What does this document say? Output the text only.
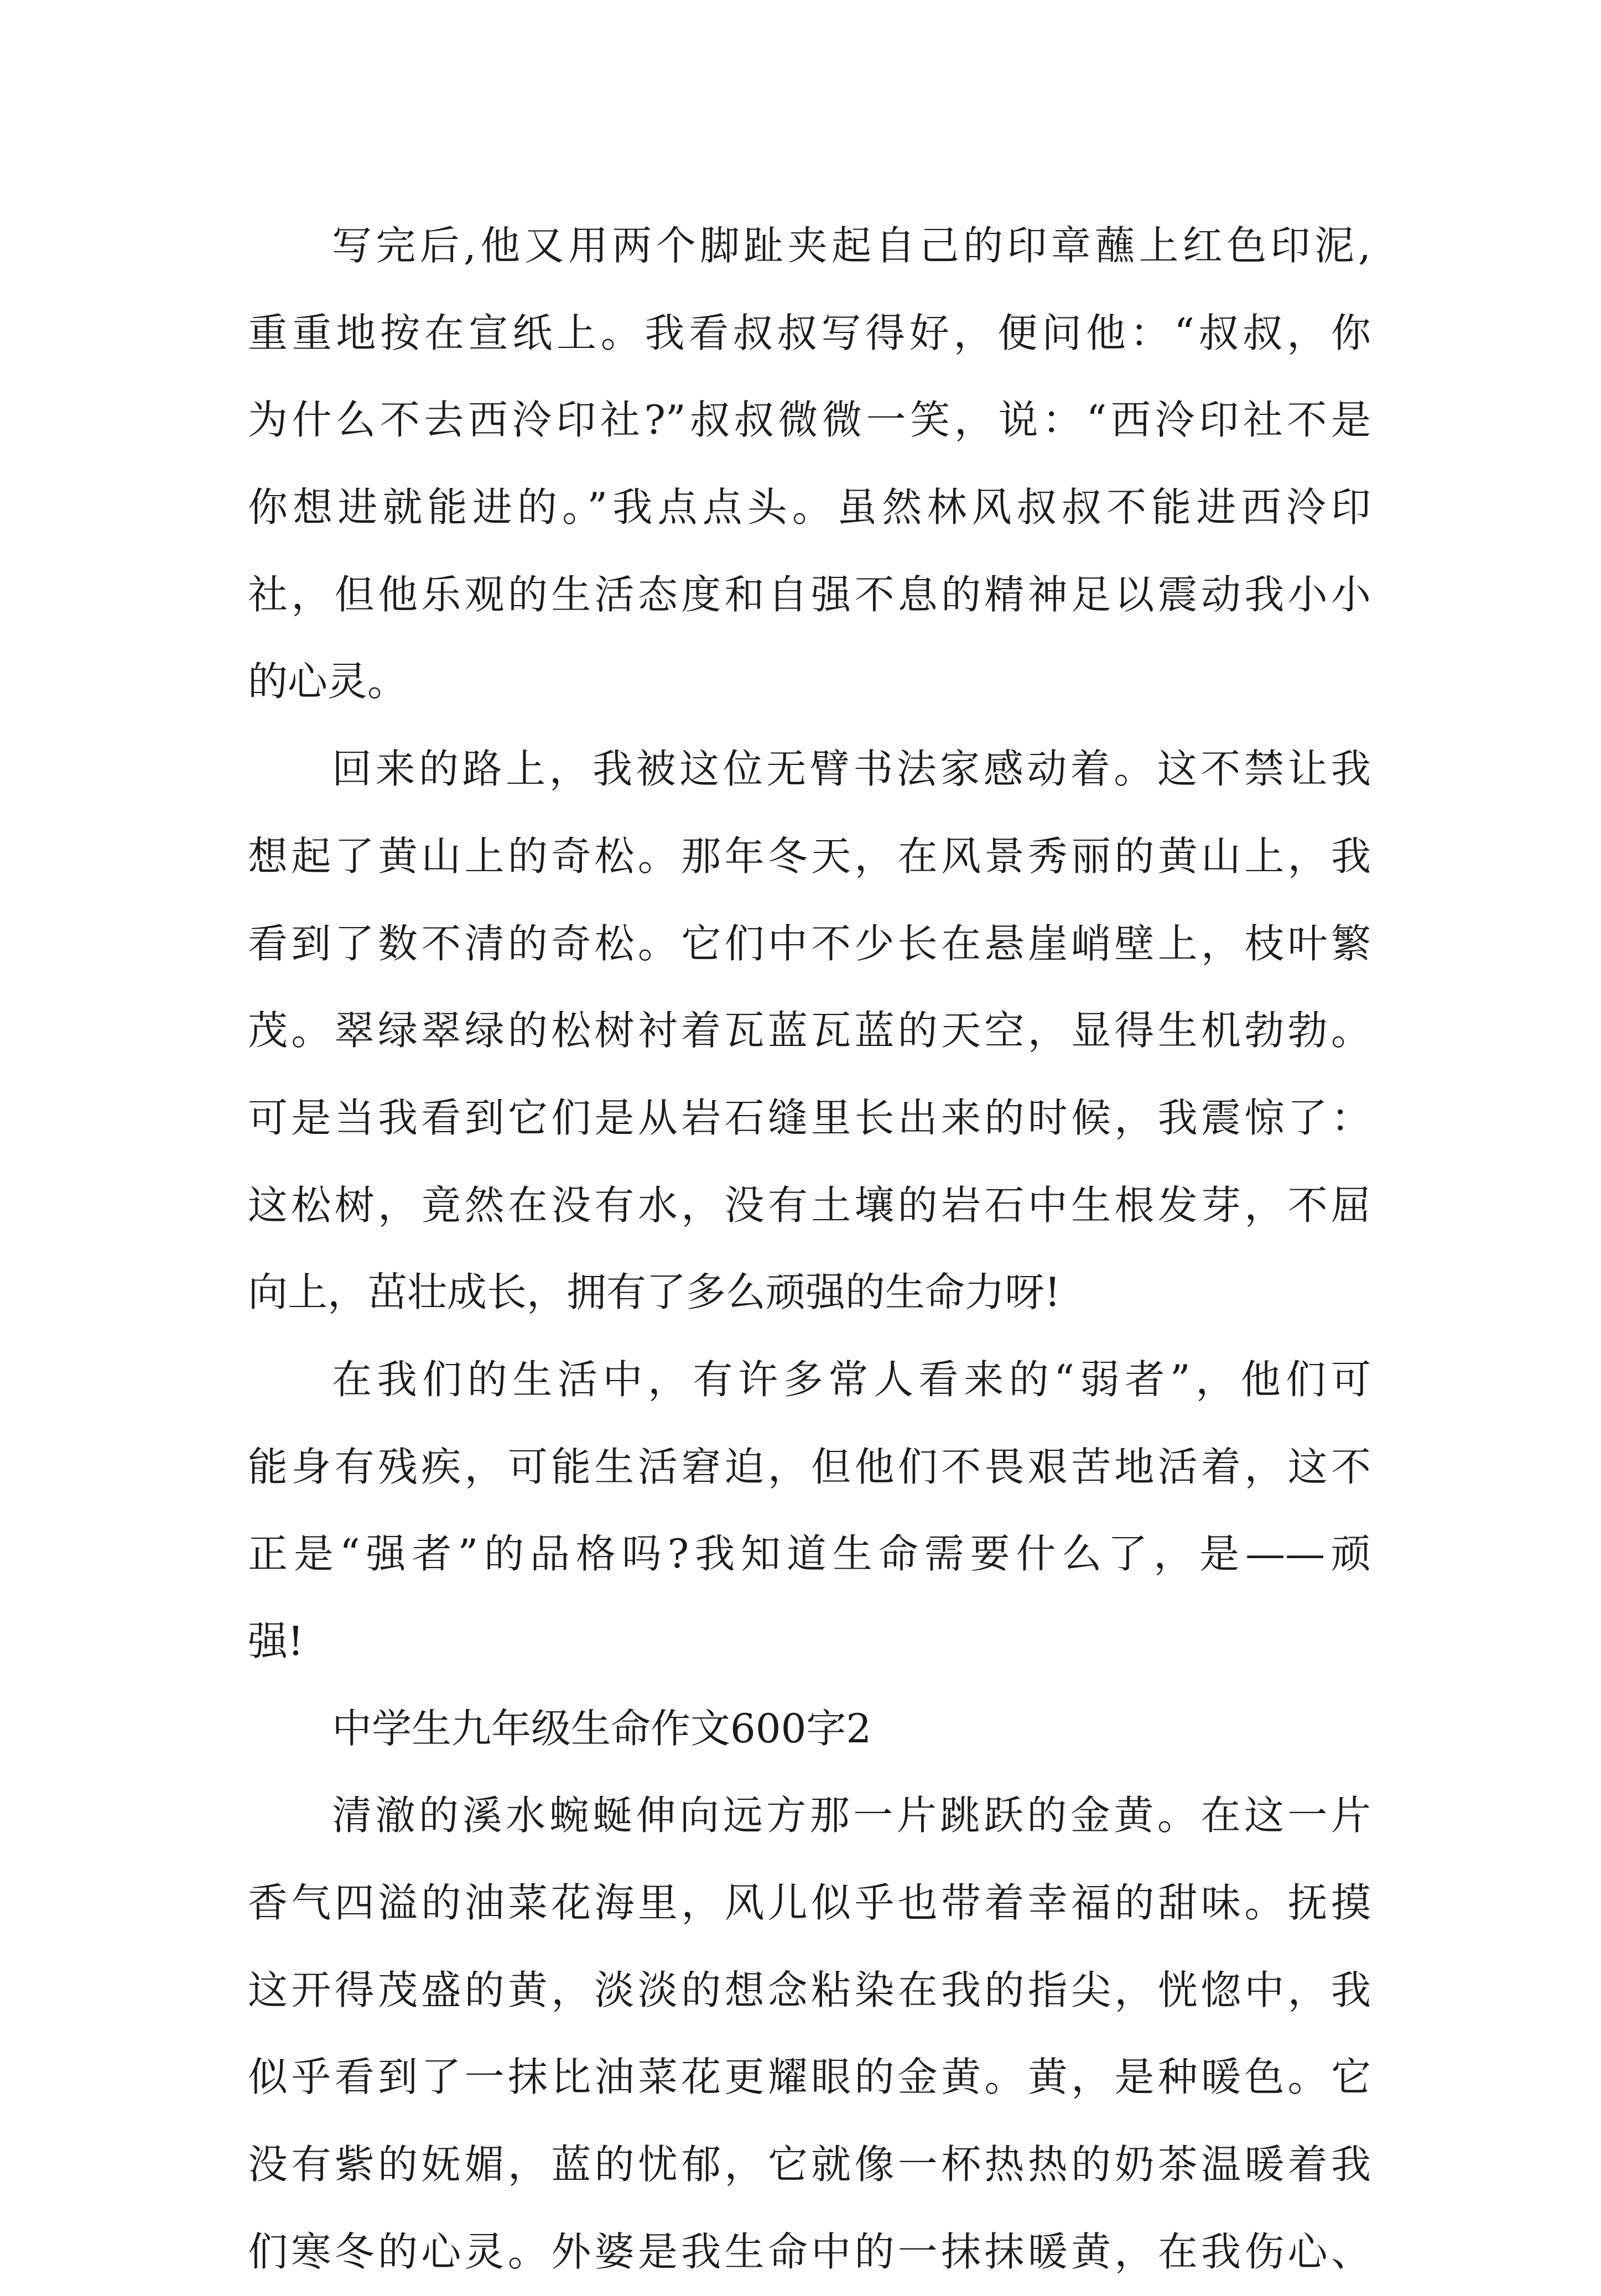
写完后,他又用两个脚趾夹起自己的印章蘸上红色印泥,
重重地按在宣纸上。我看叔叔写得好，便问他：“叔叔，你
为什么不去西泠印社?”叔叔微微一笑，说：“西泠印社不是
你想进就能进的。”我点点头。虽然林风叔叔不能进西泠印
社，但他乐观的生活态度和自强不息的精神足以震动我小小
的心灵。
回来的路上，我被这位无臂书法家感动着。这不禁让我
想起了黄山上的奇松。那年冬天，在风景秀丽的黄山上，我
看到了数不清的奇松。它们中不少长在悬崖峭壁上，枝叶繁
茂。翠绿翠绿的松树衬着瓦蓝瓦蓝的天空，显得生机勃勃。
可是当我看到它们是从岩石缝里长出来的时候，我震惊了：
这松树，竟然在没有水，没有土壤的岩石中生根发芽，不屈
向上，茁壮成长，拥有了多么顽强的生命力呀!
在我们的生活中，有许多常人看来的“弱者”，他们可
能身有残疾，可能生活窘迫，但他们不畏艰苦地活着，这不
正是“强者”的品格吗?我知道生命需要什么了，是——顽
强!
中学生九年级生命作文600字2
清澈的溪水蜿蜒伸向远方那一片跳跃的金黄。在这一片
香气四溢的油菜花海里，风儿似乎也带着幸福的甜味。抚摸
这开得茂盛的黄，淡淡的想念粘染在我的指尖，恍惚中，我
似乎看到了一抹比油菜花更耀眼的金黄。黄，是种暖色。它
没有紫的妩媚，蓝的忧郁，它就像一杯热热的奶茶温暖着我
们寒冬的心灵。外婆是我生命中的一抹抹暖黄，在我伤心、
